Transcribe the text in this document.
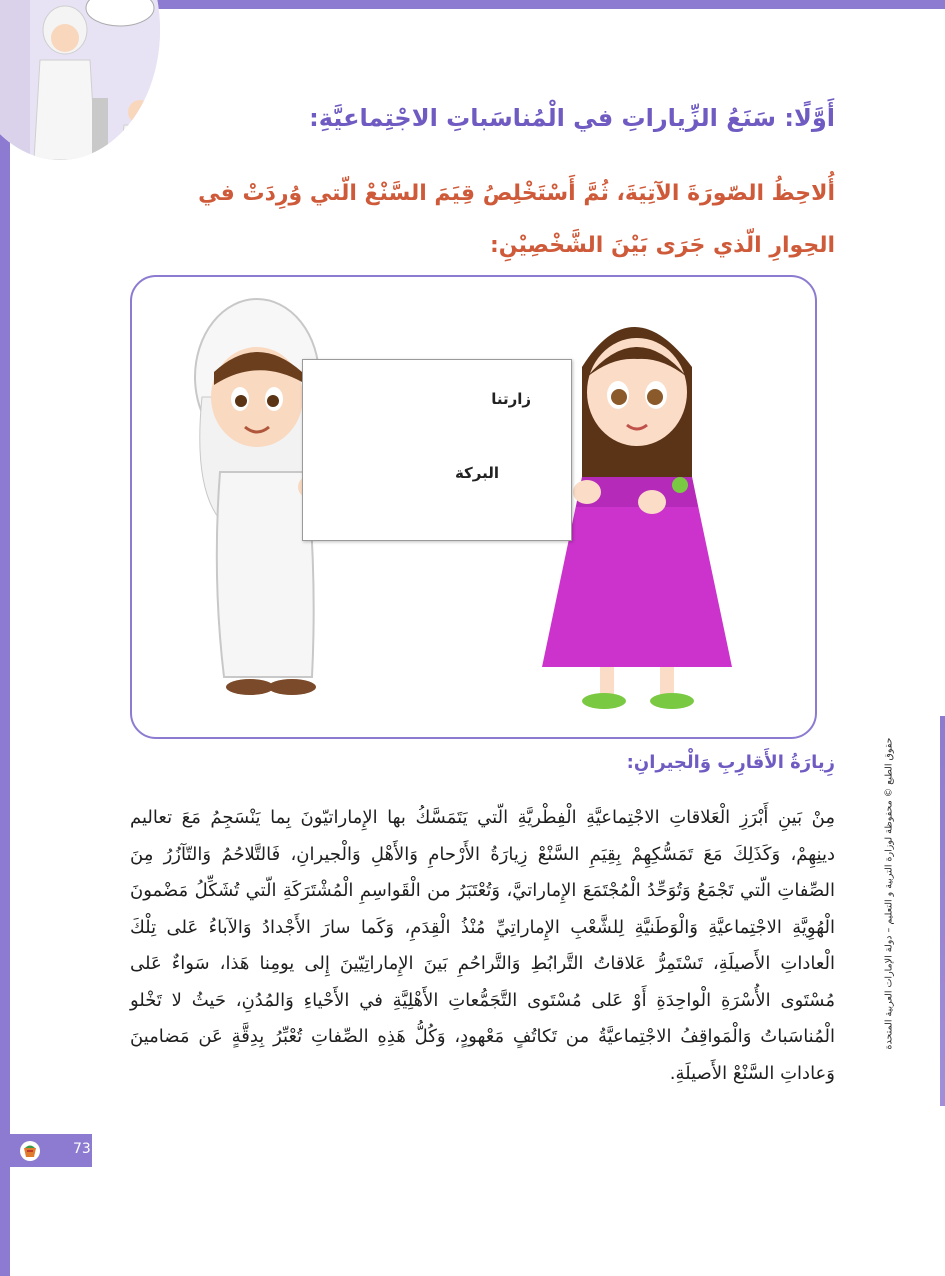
أَوَّلًا: سَنَعُ الزِّياراتِ في الْمُناسَباتِ الاجْتِماعيَّةِ:
أُلاحِظُ الصّورَةَ الآتِيَةَ، ثُمَّ أَسْتَخْلِصُ قِيَمَ السَّنْعْ الّتي وُرِدَتْ في الحِوارِ الّذي جَرَى بَيْنَ الشَّخْصِيْنِ:
زارتنا
البركة
زِيارَةُ الأَقارِبِ وَالْجيرانِ:
مِنْ بَينِ أَبْرَزِ الْعَلاقاتِ الاجْتِماعيَّةِ الْفِطْريَّةِ الّتي يَتَمَسَّكُ بها الإِماراتيّونَ بِما يَنْسَجِمُ مَعَ تعاليم دينِهِمْ، وَكَذَلِكَ مَعَ تَمَسُّكِهِمْ بِقِيَمِ السَّنْعْ زِيارَةُ الأَرْحامِ وَالأَهْلِ وَالْجيرانِ، فَالتَّلاحُمُ وَالتّآزُرُ مِنَ الصِّفاتِ الّتي تَجْمَعُ وَتُوَحِّدُ الْمُجْتَمَعَ الإِماراتيَّ، وَتُعْتَبَرُ من الْقَواسِمِ الْمُشْتَرَكَةِ الّتي تُشَكِّلُ مَضْمونَ الْهُوِيَّةِ الاجْتِماعيَّةِ وَالْوَطَنيَّةِ لِلشَّعْبِ الإِماراتِيِّ مُنْذُ الْقِدَمِ، وَكَما سارَ الأَجْدادُ وَالآباءُ عَلى تِلْكَ الْعاداتِ الأَصيلَةِ، تَسْتَمِرُّ عَلاقاتُ التَّرابُطِ وَالتَّراحُمِ بَينَ الإِماراتِيّينَ إِلى يومِنا هَذا، سَواءٌ عَلى مُسْتَوى الأُسْرَةِ الْواحِدَةِ أَوْ عَلى مُسْتَوى التَّجَمُّعاتِ الأَهْلِيَّةِ في الأَحْياءِ وَالمُدُنِ، حَيثُ لا تَخْلو الْمُناسَباتُ وَالْمَواقِفُ الاجْتِماعيَّةُ من تَكاتُفٍ مَعْهودٍ، وَكُلُّ هَذِهِ الصِّفاتِ تُعْبِّرُ بِدِقَّةٍ عَن مَضامينَ وَعاداتِ السَّنْعْ الأَصيلَةِ.
حقوق الطبع © محفوظة لوزارة التربية و التعليم – دولة الإمارات العربية المتحدة
73
